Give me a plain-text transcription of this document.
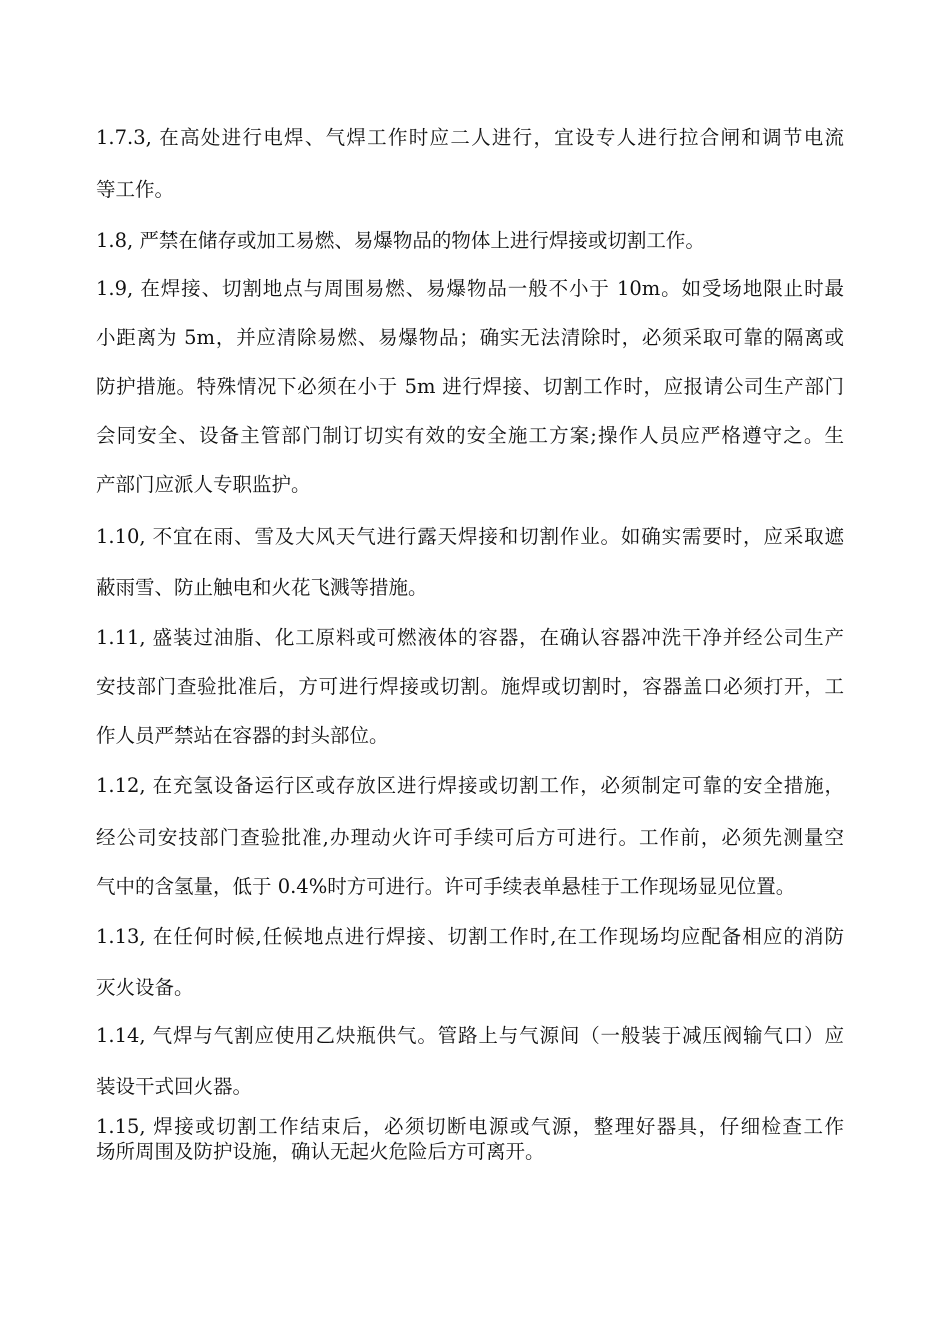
1.7.3, 在高处进行电焊、气焊工作时应二人进行，宜设专人进行拉合闸和调节电流
等工作。
1.8, 严禁在储存或加工易燃、易爆物品的物体上进行焊接或切割工作。
1.9, 在焊接、切割地点与周围易燃、易爆物品一般不小于 10m。如受场地限止时最
小距离为 5m，并应清除易燃、易爆物品；确实无法清除时，必须采取可靠的隔离或
防护措施。特殊情况下必须在小于 5m 进行焊接、切割工作时，应报请公司生产部门
会同安全、设备主管部门制订切实有效的安全施工方案;操作人员应严格遵守之。生
产部门应派人专职监护。
1.10, 不宜在雨、雪及大风天气进行露天焊接和切割作业。如确实需要时，应采取遮
蔽雨雪、防止触电和火花飞溅等措施。
1.11, 盛装过油脂、化工原料或可燃液体的容器，在确认容器冲洗干净并经公司生产
安技部门查验批准后，方可进行焊接或切割。施焊或切割时，容器盖口必须打开，工
作人员严禁站在容器的封头部位。
1.12, 在充氢设备运行区或存放区进行焊接或切割工作，必须制定可靠的安全措施，
经公司安技部门查验批准,办理动火许可手续可后方可进行。工作前，必须先测量空
气中的含氢量，低于 0.4%时方可进行。许可手续表单悬桂于工作现场显见位置。
1.13, 在任何时候,任候地点进行焊接、切割工作时,在工作现场均应配备相应的消防
灭火设备。
1.14, 气焊与气割应使用乙炔瓶供气。管路上与气源间（一般装于减压阀输气口）应
装设干式回火器。
1.15, 焊接或切割工作结束后，必须切断电源或气源，整理好器具，仔细检查工作
场所周围及防护设施，确认无起火危险后方可离开。
